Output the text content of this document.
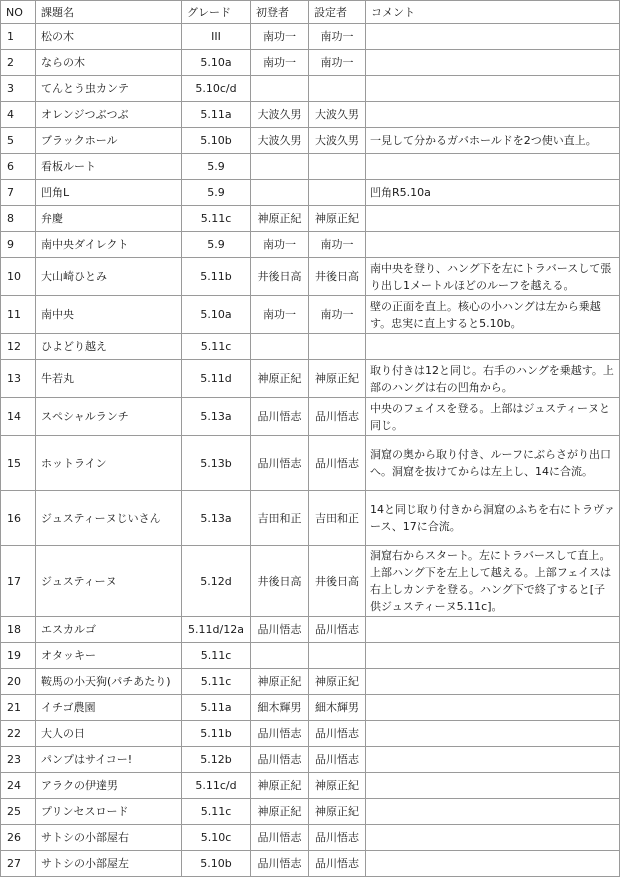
NO	課題名	グレード	初登者	設定者	コメント
1	松の木	III	南功一	南功一	
2	ならの木	5.10a	南功一	南功一	
3	てんとう虫カンテ	5.10c/d			
4	オレンジつぶつぶ	5.11a	大波久男	大波久男	
5	ブラックホール	5.10b	大波久男	大波久男	一見して分かるガバホールドを2つ使い直上。
6	看板ルート	5.9			
7	凹角L	5.9			凹角R5.10a
8	弁慶	5.11c	神原正紀	神原正紀	
9	南中央ダイレクト	5.9	南功一	南功一	
10	大山崎ひとみ	5.11b	井後日高	井後日高	南中央を登り、ハング下を左にトラバースして張り出し1メートルほどのルーフを越える。
11	南中央	5.10a	南功一	南功一	壁の正面を直上。核心の小ハングは左から乗越す。忠実に直上すると5.10b。
12	ひよどり越え	5.11c			
13	牛若丸	5.11d	神原正紀	神原正紀	取り付きは12と同じ。右手のハングを乗越す。上部のハングは右の凹角から。
14	スペシャルランチ	5.13a	品川悟志	品川悟志	中央のフェイスを登る。上部はジュスティーヌと同じ。
15	ホットライン	5.13b	品川悟志	品川悟志	洞窟の奥から取り付き、ルーフにぶらさがり出口へ。洞窟を抜けてからは左上し、14に合流。
16	ジュスティーヌじいさん	5.13a	吉田和正	吉田和正	14と同じ取り付きから洞窟のふちを右にトラヴァース、17に合流。
17	ジュスティーヌ	5.12d	井後日高	井後日高	洞窟右からスタート。左にトラバースして直上。上部ハング下を左上して越える。上部フェイスは右上しカンテを登る。ハング下で終了すると[子供ジュスティーヌ5.11c]。
18	エスカルゴ	5.11d/12a	品川悟志	品川悟志	
19	オタッキー	5.11c			
20	鞍馬の小天狗(パチあたり)	5.11c	神原正紀	神原正紀	
21	イチゴ農園	5.11a	細木輝男	細木輝男	
22	大人の日	5.11b	品川悟志	品川悟志	
23	パンプはサイコー!	5.12b	品川悟志	品川悟志	
24	アラクの伊達男	5.11c/d	神原正紀	神原正紀	
25	プリンセスロード	5.11c	神原正紀	神原正紀	
26	サトシの小部屋右	5.10c	品川悟志	品川悟志	
27	サトシの小部屋左	5.10b	品川悟志	品川悟志	
